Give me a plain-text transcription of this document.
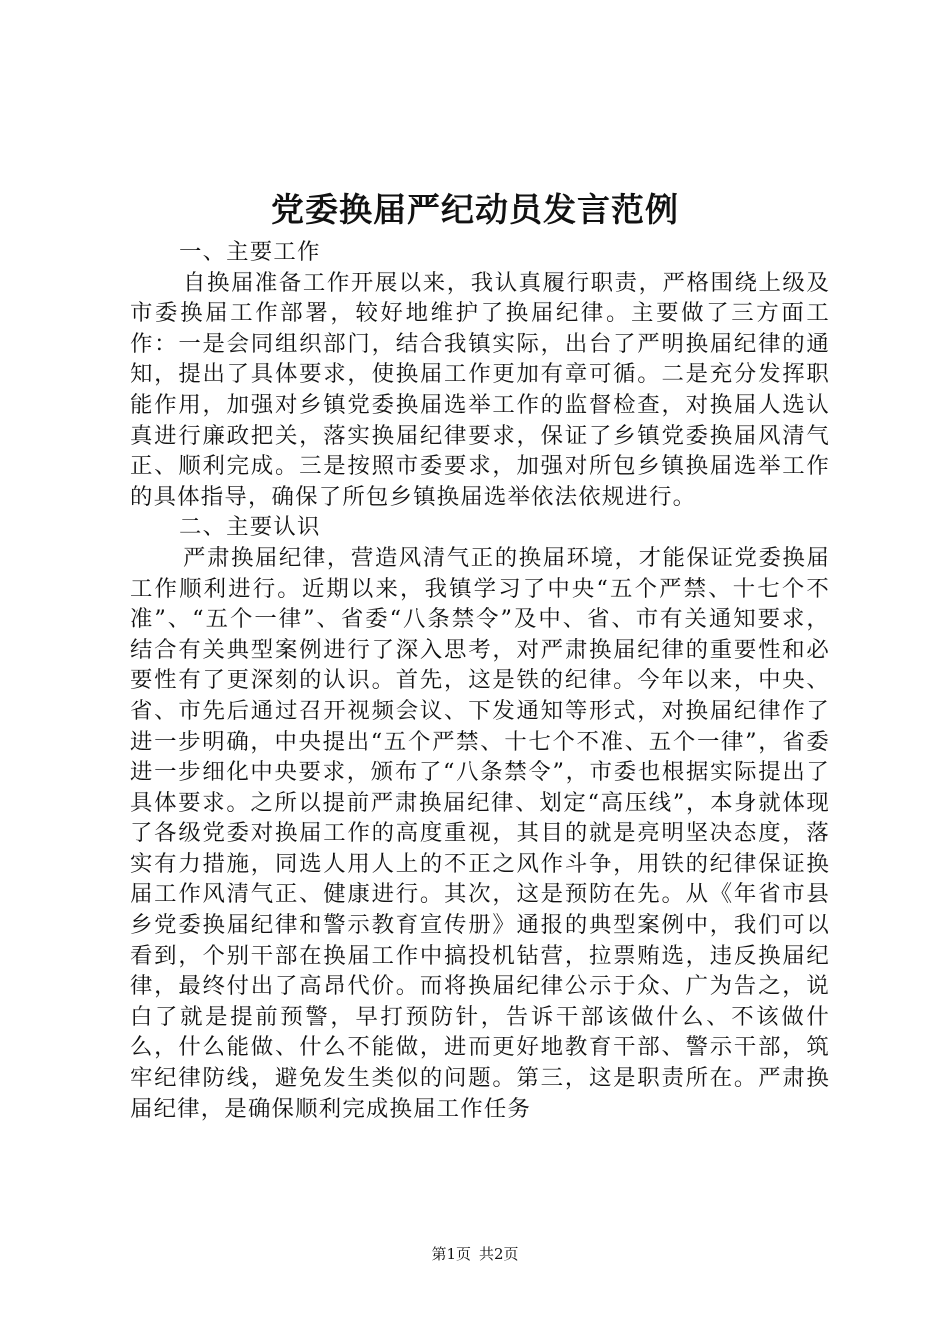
党委换届严纪动员发言范例

一、主要工作

自换届准备工作开展以来，我认真履行职责，严格围绕上级及市委换届工作部署，较好地维护了换届纪律。主要做了三方面工作：一是会同组织部门，结合我镇实际，出台了严明换届纪律的通知，提出了具体要求，使换届工作更加有章可循。二是充分发挥职能作用，加强对乡镇党委换届选举工作的监督检查，对换届人选认真进行廉政把关，落实换届纪律要求，保证了乡镇党委换届风清气正、顺利完成。三是按照市委要求，加强对所包乡镇换届选举工作的具体指导，确保了所包乡镇换届选举依法依规进行。

二、主要认识

严肃换届纪律，营造风清气正的换届环境，才能保证党委换届工作顺利进行。近期以来，我镇学习了中央“五个严禁、十七个不准”、“五个一律”、省委“八条禁令”及中、省、市有关通知要求，结合有关典型案例进行了深入思考，对严肃换届纪律的重要性和必要性有了更深刻的认识。首先，这是铁的纪律。今年以来，中央、省、市先后通过召开视频会议、下发通知等形式，对换届纪律作了进一步明确，中央提出“五个严禁、十七个不准、五个一律”，省委进一步细化中央要求，颁布了“八条禁令”，市委也根据实际提出了具体要求。之所以提前严肃换届纪律、划定“高压线”，本身就体现了各级党委对换届工作的高度重视，其目的就是亮明坚决态度，落实有力措施，同选人用人上的不正之风作斗争，用铁的纪律保证换届工作风清气正、健康进行。其次，这是预防在先。从《年省市县乡党委换届纪律和警示教育宣传册》通报的典型案例中，我们可以看到，个别干部在换届工作中搞投机钻营，拉票贿选，违反换届纪律，最终付出了高昂代价。而将换届纪律公示于众、广为告之，说白了就是提前预警，早打预防针，告诉干部该做什么、不该做什么，什么能做、什么不能做，进而更好地教育干部、警示干部，筑牢纪律防线，避免发生类似的问题。第三，这是职责所在。严肃换届纪律，是确保顺利完成换届工作任务

第1页 共2页
